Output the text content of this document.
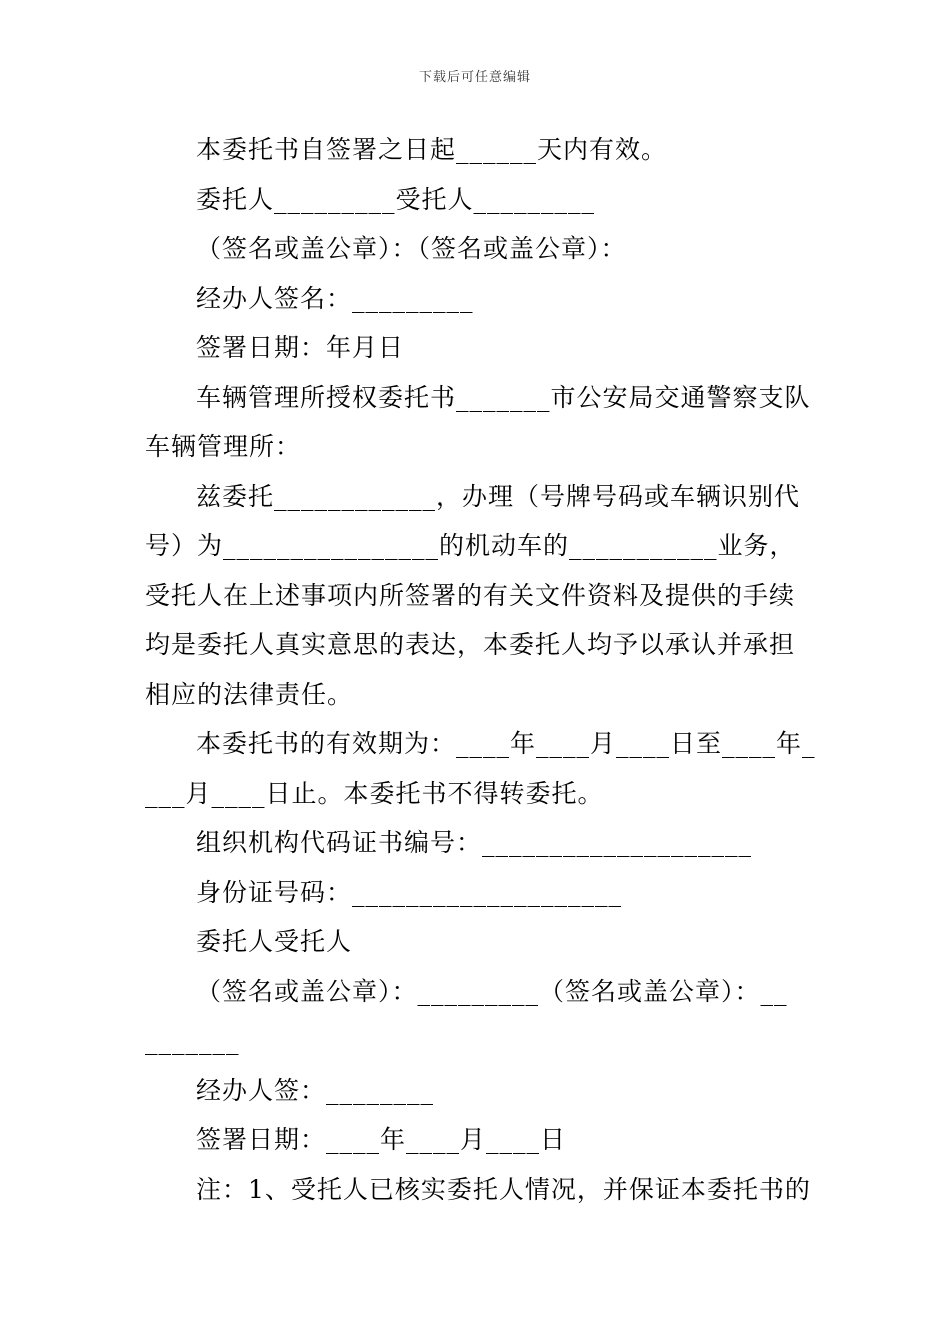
下载后可任意编辑
本委托书自签署之日起______天内有效。
委托人_________受托人_________
（签名或盖公章）：（签名或盖公章）：
经办人签名：_________
签署日期：年月日
车辆管理所授权委托书_______市公安局交通警察支队
车辆管理所：
兹委托____________，办理（号牌号码或车辆识别代
号）为________________的机动车的___________业务，
受托人在上述事项内所签署的有关文件资料及提供的手续
均是委托人真实意思的表达，本委托人均予以承认并承担
相应的法律责任。
本委托书的有效期为：____年____月____日至____年_
___月____日止。本委托书不得转委托。
组织机构代码证书编号：____________________
身份证号码：____________________
委托人受托人
（签名或盖公章）：_________（签名或盖公章）：__
_______
经办人签：________
签署日期：____年____月____日
注：1、受托人已核实委托人情况，并保证本委托书的
